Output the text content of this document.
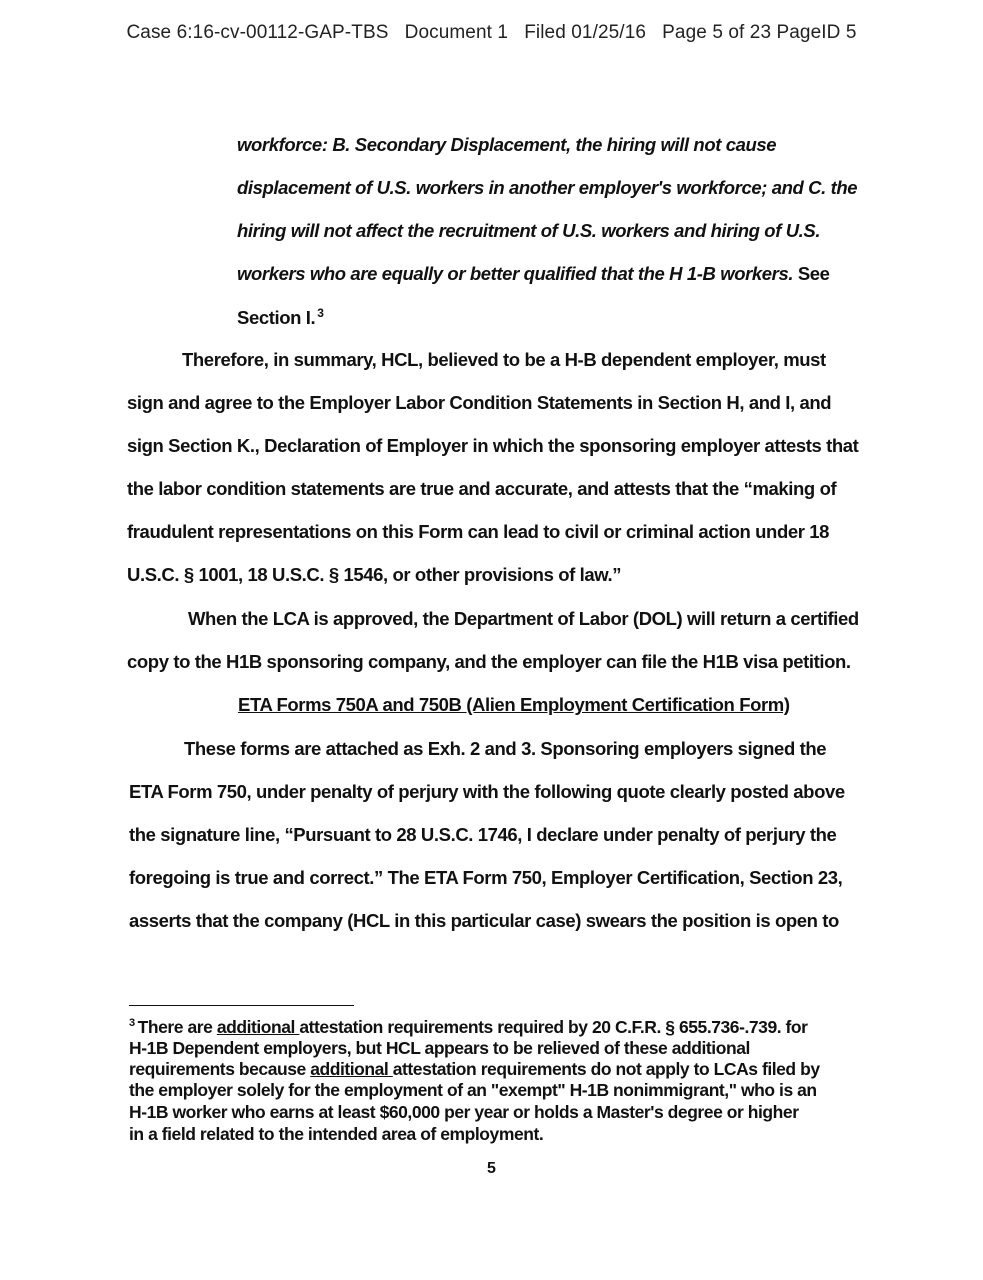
Case 6:16-cv-00112-GAP-TBS   Document 1   Filed 01/25/16   Page 5 of 23 PageID 5
workforce: B. Secondary Displacement, the hiring will not cause
displacement of U.S. workers in another employer's workforce; and C. the
hiring will not affect the recruitment of U.S. workers and hiring of U.S.
workers who are equally or better qualified that the H 1-B workers. See
Section I. $^3$
Therefore, in summary, HCL, believed to be a H-B dependent employer, must
sign and agree to the Employer Labor Condition Statements in Section H, and I, and
sign Section K., Declaration of Employer in which the sponsoring employer attests that
the labor condition statements are true and accurate, and attests that the “making of
fraudulent representations on this Form can lead to civil or criminal action under 18
U.S.C. § 1001, 18 U.S.C. § 1546, or other provisions of law.”
When the LCA is approved, the Department of Labor (DOL) will return a certified
copy to the H1B sponsoring company, and the employer can file the H1B visa petition.
ETA Forms 750A and 750B (Alien Employment Certification Form)
These forms are attached as Exh. 2 and 3. Sponsoring employers signed the
ETA Form 750, under penalty of perjury with the following quote clearly posted above
the signature line, “Pursuant to 28 U.S.C. 1746, I declare under penalty of perjury the
foregoing is true and correct.” The ETA Form 750, Employer Certification, Section 23,
asserts that the company (HCL in this particular case) swears the position is open to
$^3$ There are additional attestation requirements required by 20 C.F.R. § 655.736-.739. for
H-1B Dependent employers, but HCL appears to be relieved of these additional
requirements because additional attestation requirements do not apply to LCAs filed by
the employer solely for the employment of an "exempt" H-1B nonimmigrant," who is an
H-1B worker who earns at least $60,000 per year or holds a Master's degree or higher
in a field related to the intended area of employment.
5
